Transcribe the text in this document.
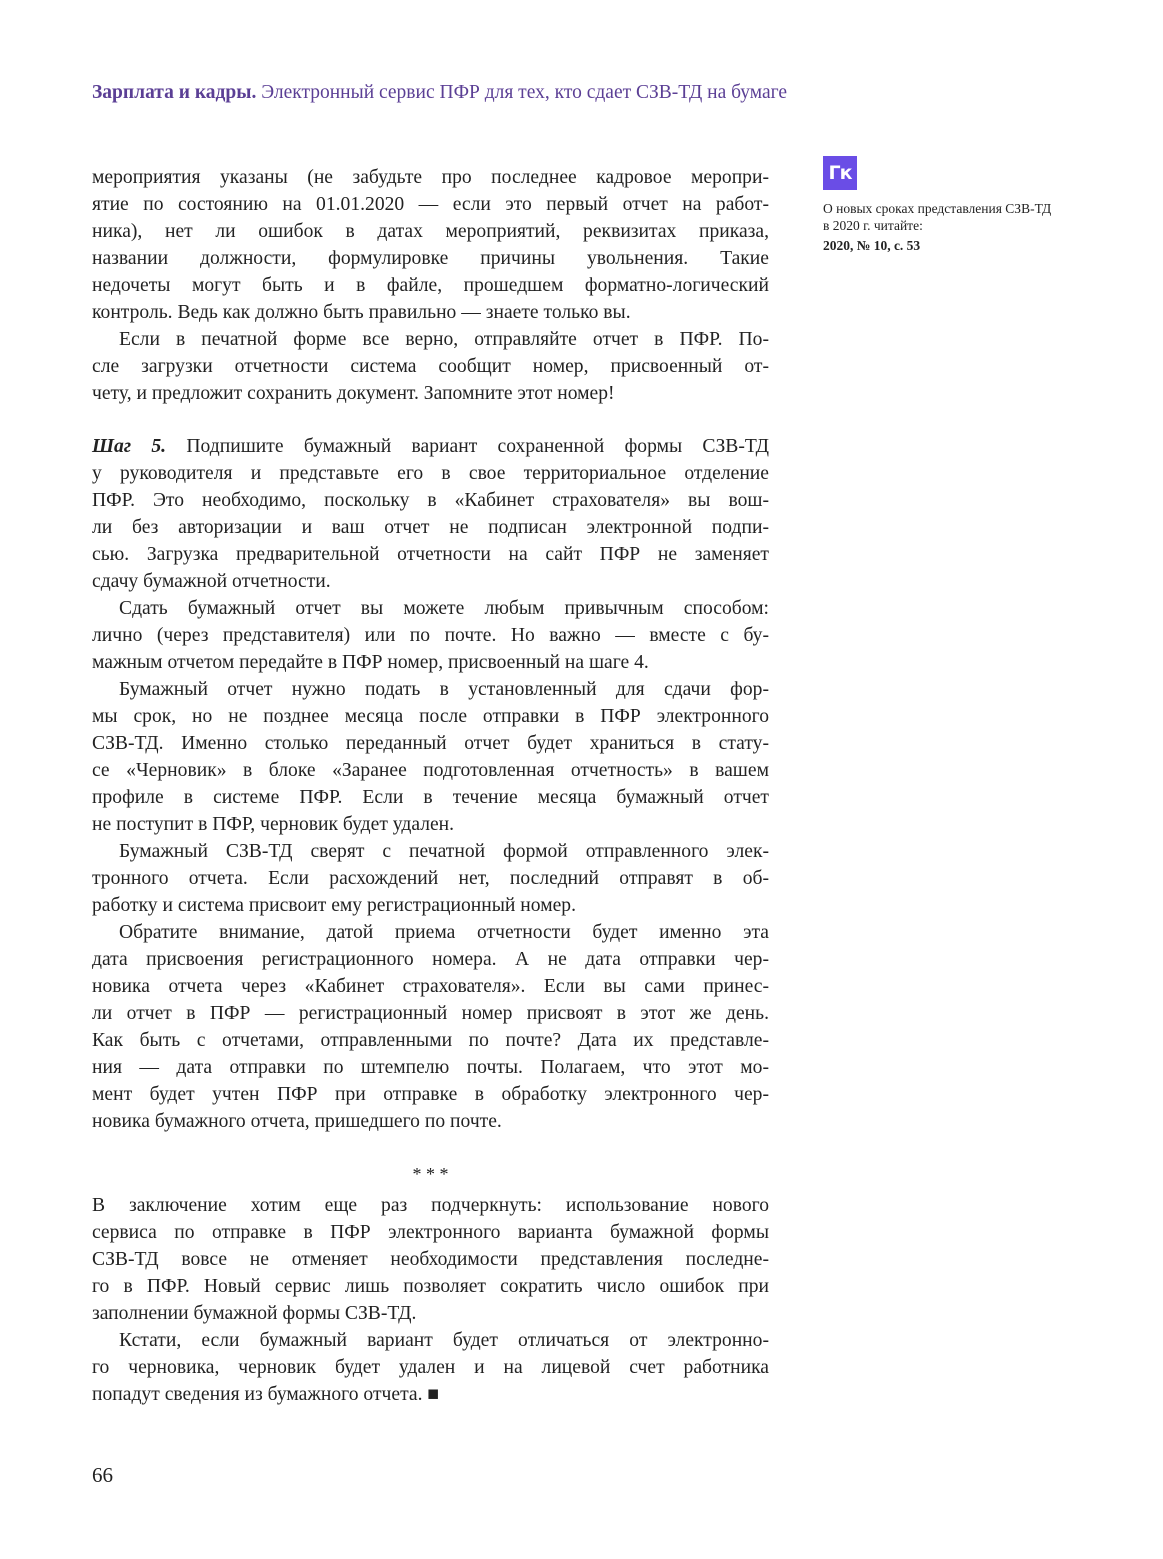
Зарплата и кадры. Электронный сервис ПФР для тех, кто сдает СЗВ-ТД на бумаге
мероприятия указаны (не забудьте про последнее кадровое меропри-
ятие по состоянию на 01.01.2020 — если это первый отчет на работ-
ника), нет ли ошибок в датах мероприятий, реквизитах приказа,
названии должности, формулировке причины увольнения. Такие
недочеты могут быть и в файле, прошедшем форматно-логический
контроль. Ведь как должно быть правильно — знаете только вы.
Если в печатной форме все верно, отправляйте отчет в ПФР. По-
сле загрузки отчетности система сообщит номер, присвоенный от-
чету, и предложит сохранить документ. Запомните этот номер!
Шаг 5. Подпишите бумажный вариант сохраненной формы СЗВ-ТД
у руководителя и представьте его в свое территориальное отделение
ПФР. Это необходимо, поскольку в «Кабинет страхователя» вы вош-
ли без авторизации и ваш отчет не подписан электронной подпи-
сью. Загрузка предварительной отчетности на сайт ПФР не заменяет
сдачу бумажной отчетности.
Сдать бумажный отчет вы можете любым привычным способом:
лично (через представителя) или по почте. Но важно — вместе с бу-
мажным отчетом передайте в ПФР номер, присвоенный на шаге 4.
Бумажный отчет нужно подать в установленный для сдачи фор-
мы срок, но не позднее месяца после отправки в ПФР электронного
СЗВ-ТД. Именно столько переданный отчет будет храниться в стату-
се «Черновик» в блоке «Заранее подготовленная отчетность» в вашем
профиле в системе ПФР. Если в течение месяца бумажный отчет
не поступит в ПФР, черновик будет удален.
Бумажный СЗВ-ТД сверят с печатной формой отправленного элек-
тронного отчета. Если расхождений нет, последний отправят в об-
работку и система присвоит ему регистрационный номер.
Обратите внимание, датой приема отчетности будет именно эта
дата присвоения регистрационного номера. А не дата отправки чер-
новика отчета через «Кабинет страхователя». Если вы сами принес-
ли отчет в ПФР — регистрационный номер присвоят в этот же день.
Как быть с отчетами, отправленными по почте? Дата их представле-
ния — дата отправки по штемпелю почты. Полагаем, что этот мо-
мент будет учтен ПФР при отправке в обработку электронного чер-
новика бумажного отчета, пришедшего по почте.
* * *
В заключение хотим еще раз подчеркнуть: использование нового
сервиса по отправке в ПФР электронного варианта бумажной формы
СЗВ-ТД вовсе не отменяет необходимости представления последне-
го в ПФР. Новый сервис лишь позволяет сократить число ошибок при
заполнении бумажной формы СЗВ-ТД.
Кстати, если бумажный вариант будет отличаться от электронно-
го черновика, черновик будет удален и на лицевой счет работника
попадут сведения из бумажного отчета. ■
Гк
О новых сроках представления СЗВ-ТД в 2020 г. читайте:
2020, № 10, с. 53
66
